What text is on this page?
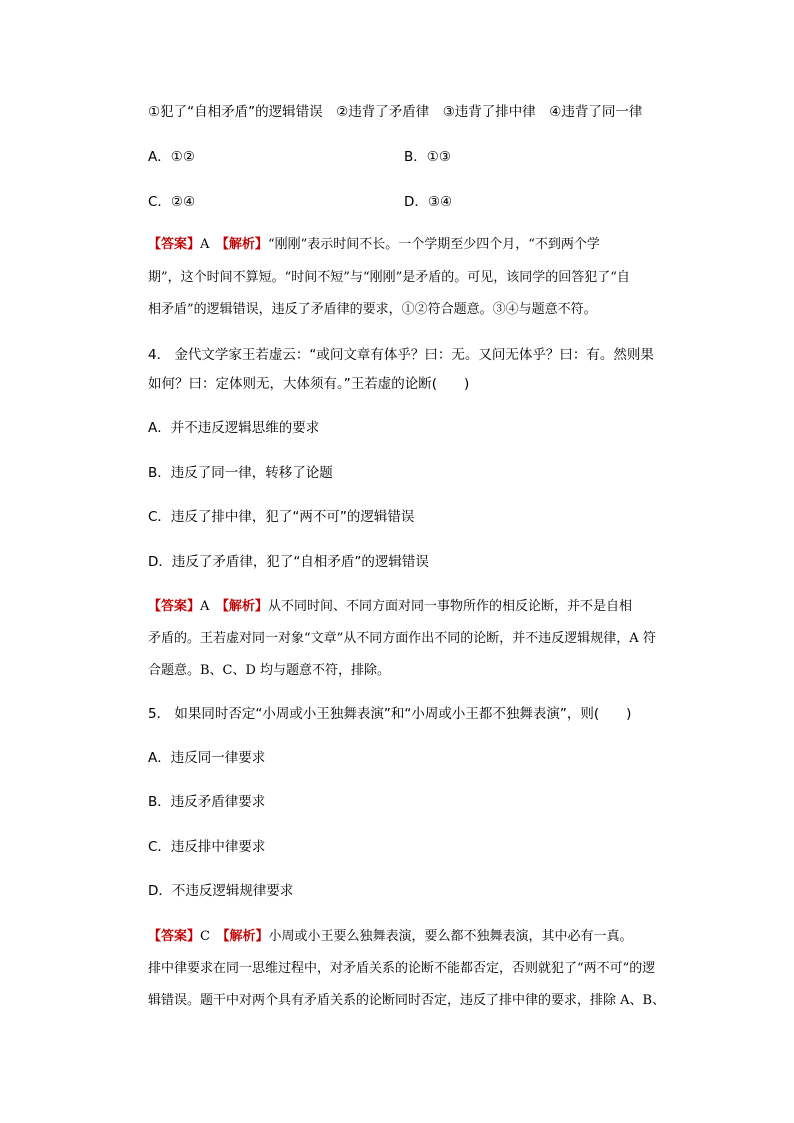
①犯了“自相矛盾”的逻辑错误　②违背了矛盾律　③违背了排中律　④违背了同一律
A．①②	B．①③
C．②④	D．③④
【答案】A　 【解析】“刚刚”表示时间不长。一个学期至少四个月，“不到两个学
期”，这个时间不算短。“时间不短”与“刚刚”是矛盾的。可见，该同学的回答犯了“自
相矛盾”的逻辑错误，违反了矛盾律的要求，①②符合题意。③④与题意不符。
4． 金代文学家王若虚云：“或问文章有体乎？曰：无。又问无体乎？曰：有。然则果
如何？曰：定体则无，大体须有。”王若虚的论断(　　)
A．并不违反逻辑思维的要求
B．违反了同一律，转移了论题
C．违反了排中律，犯了“两不可”的逻辑错误
D．违反了矛盾律，犯了“自相矛盾”的逻辑错误
【答案】A　 【解析】从不同时间、不同方面对同一事物所作的相反论断，并不是自相
矛盾的。王若虚对同一对象“文章”从不同方面作出不同的论断，并不违反逻辑规律，A 符
合题意。B、C、D 均与题意不符，排除。
5． 如果同时否定“小周或小王独舞表演”和“小周或小王都不独舞表演”，则(　　)
A．违反同一律要求
B．违反矛盾律要求
C．违反排中律要求
D．不违反逻辑规律要求
【答案】C　 【解析】小周或小王要么独舞表演，要么都不独舞表演，其中必有一真。
排中律要求在同一思维过程中，对矛盾关系的论断不能都否定，否则就犯了“两不可”的逻
辑错误。题干中对两个具有矛盾关系的论断同时否定，违反了排中律的要求，排除 A、B、
